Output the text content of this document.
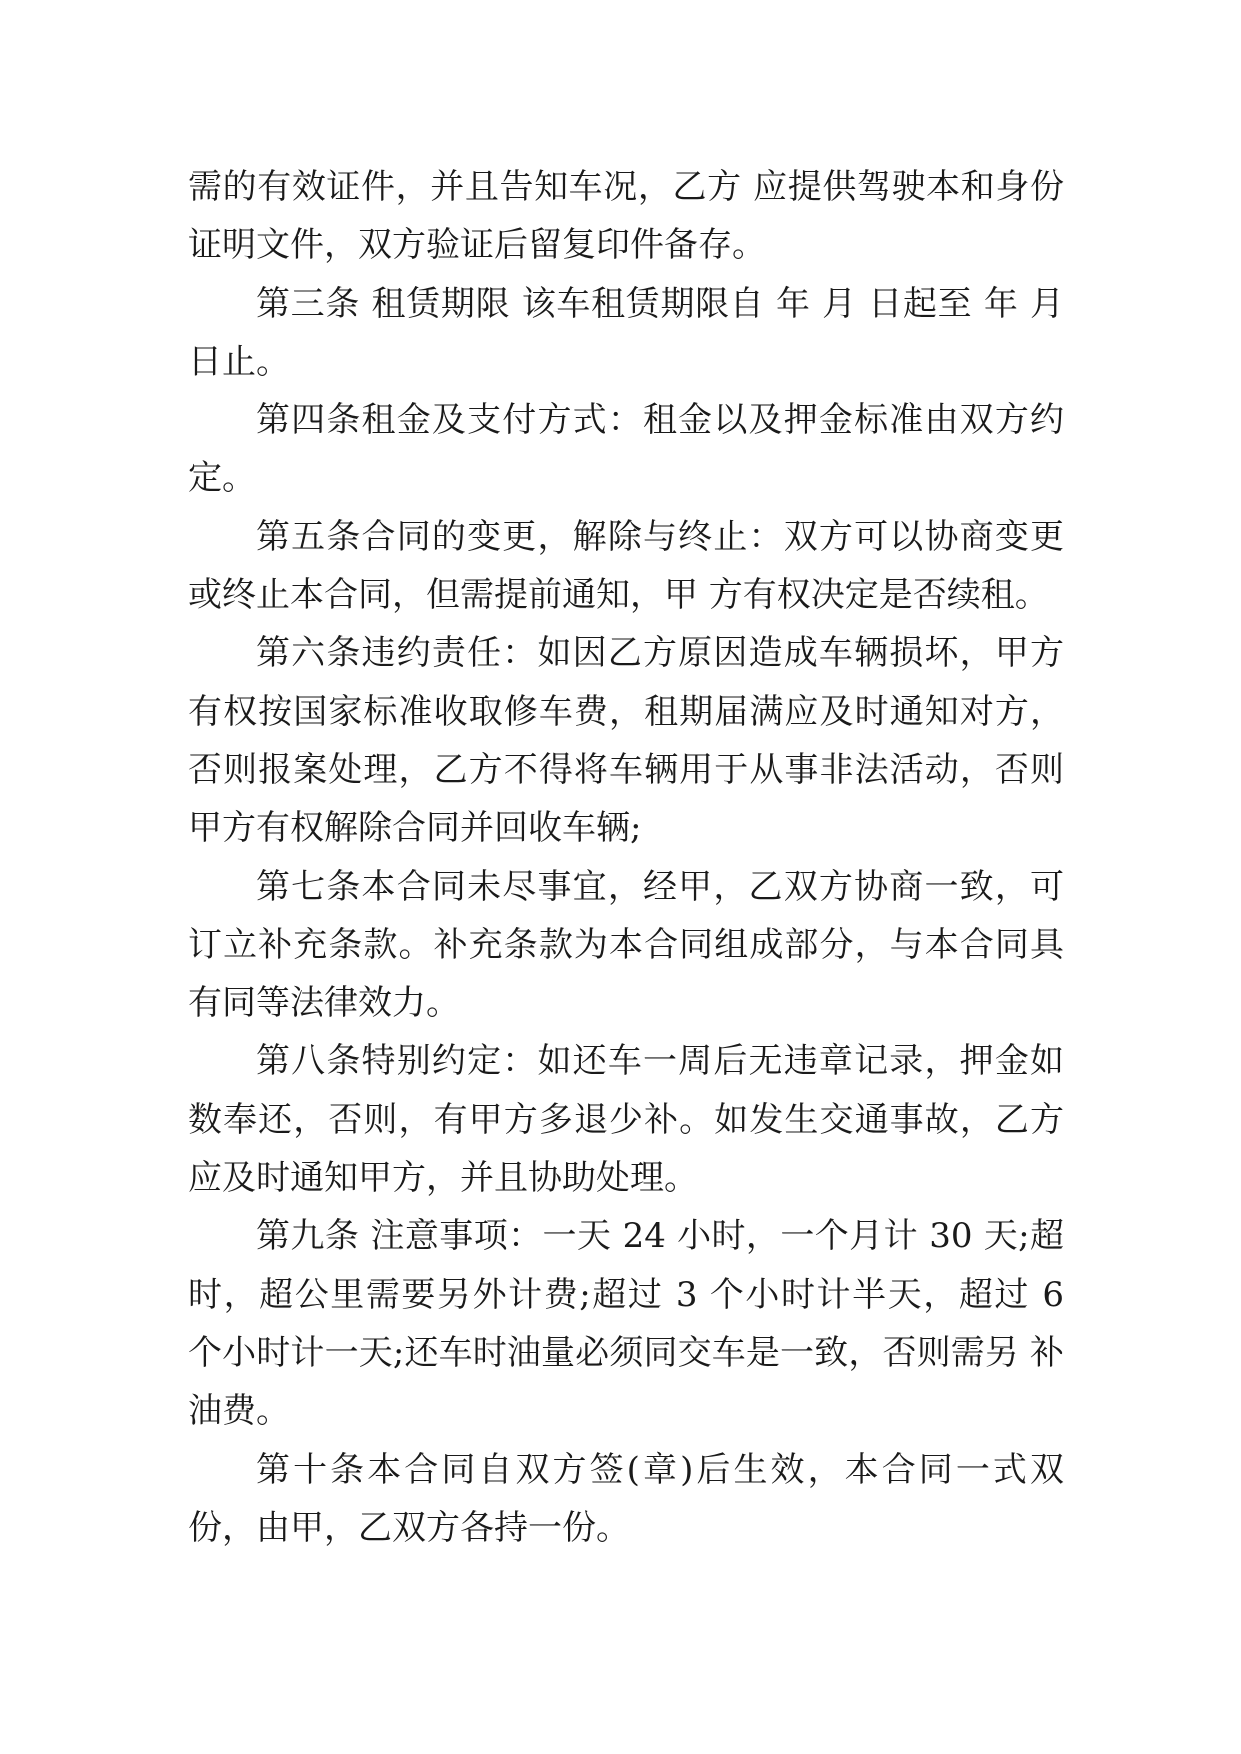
需的有效证件，并且告知车况，乙方 应提供驾驶本和身份证明文件，双方验证后留复印件备存。

第三条 租赁期限 该车租赁期限自 年 月 日起至 年 月 日止。

第四条租金及支付方式：租金以及押金标准由双方约定。

第五条合同的变更，解除与终止：双方可以协商变更或终止本合同，但需提前通知，甲 方有权决定是否续租。

第六条违约责任：如因乙方原因造成车辆损坏，甲方有权按国家标准收取修车费，租期届满应及时通知对方，否则报案处理，乙方不得将车辆用于从事非法活动，否则甲方有权解除合同并回收车辆;

第七条本合同未尽事宜，经甲，乙双方协商一致，可订立补充条款。补充条款为本合同组成部分，与本合同具有同等法律效力。

第八条特别约定：如还车一周后无违章记录，押金如数奉还，否则，有甲方多退少补。如发生交通事故，乙方应及时通知甲方，并且协助处理。

第九条 注意事项：一天 24 小时，一个月计 30 天;超时，超公里需要另外计费;超过 3 个小时计半天，超过 6 个小时计一天;还车时油量必须同交车是一致，否则需另 补油费。

第十条本合同自双方签(章)后生效，本合同一式双份，由甲，乙双方各持一份。
